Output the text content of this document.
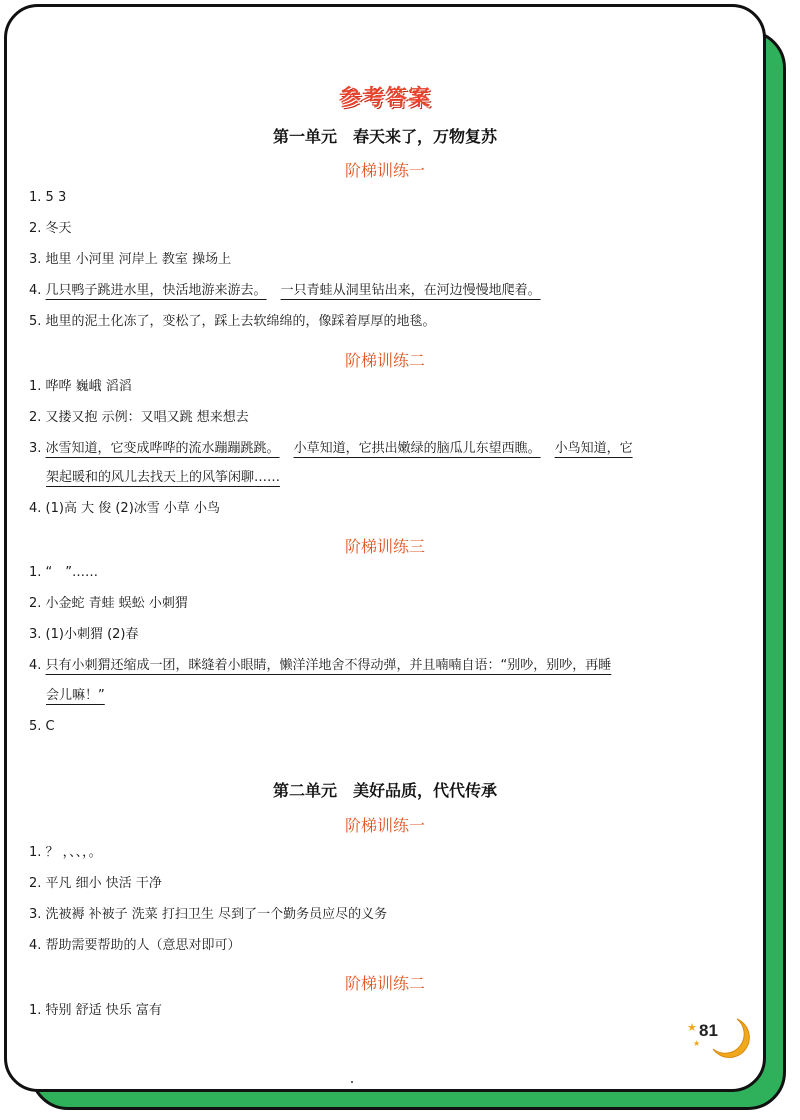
参考答案
第一单元　春天来了，万物复苏
阶梯训练一
1. 5 3
2. 冬天
3. 地里 小河里 河岸上 教室 操场上
4. 几只鸭子跳进水里，快活地游来游去。 一只青蛙从洞里钻出来，在河边慢慢地爬着。
5. 地里的泥土化冻了，变松了，踩上去软绵绵的，像踩着厚厚的地毯。
阶梯训练二
1. 哗哗 巍峨 滔滔
2. 又搂又抱 示例：又唱又跳 想来想去
3. 冰雪知道，它变成哗哗的流水蹦蹦跳跳。 小草知道，它拱出嫩绿的脑瓜儿东望西瞧。 小鸟知道，它
架起暖和的风儿去找天上的风筝闲聊……
4. (1)高 大 俊 (2)冰雪 小草 小鸟
阶梯训练三
1. “　”……
2. 小金蛇 青蛙 蜈蚣 小刺猬
3. (1)小刺猬 (2)春
4. 只有小刺猬还缩成一团，眯缝着小眼睛，懒洋洋地舍不得动弹，并且喃喃自语：“别吵，别吵，再睡
会儿嘛！”
5. C
第二单元　美好品质，代代传承
阶梯训练一
1. ？ ，、、，。
2. 平凡 细小 快活 干净
3. 洗被褥 补被子 洗菜 打扫卫生 尽到了一个勤务员应尽的义务
4. 帮助需要帮助的人（意思对即可）
阶梯训练二
1. 特别 舒适 快乐 富有
★
★
81
